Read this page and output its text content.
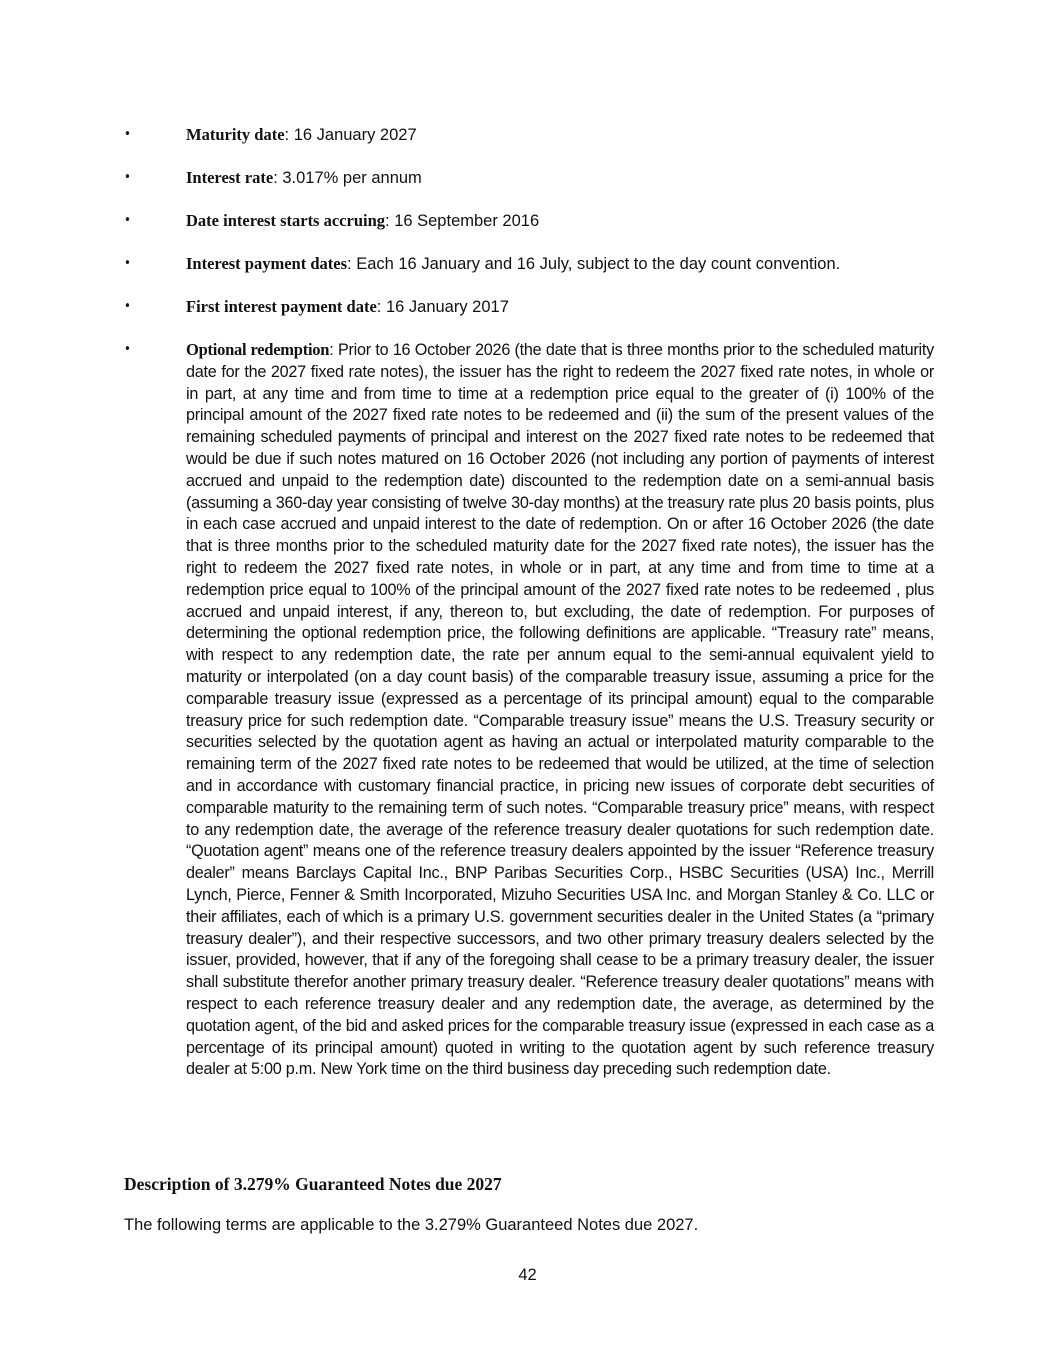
•	Maturity date: 16 January 2027
•	Interest rate: 3.017% per annum
•	Date interest starts accruing: 16 September 2016
•	Interest payment dates: Each 16 January and 16 July, subject to the day count convention.
•	First interest payment date: 16 January 2017
•	Optional redemption: Prior to 16 October 2026 (the date that is three months prior to the scheduled maturity date for the 2027 fixed rate notes), the issuer has the right to redeem the 2027 fixed rate notes, in whole or in part, at any time and from time to time at a redemption price equal to the greater of (i) 100% of the principal amount of the 2027 fixed rate notes to be redeemed and (ii) the sum of the present values of the remaining scheduled payments of principal and interest on the 2027 fixed rate notes to be redeemed that would be due if such notes matured on 16 October 2026 (not including any portion of payments of interest accrued and unpaid to the redemption date) discounted to the redemption date on a semi-annual basis (assuming a 360-day year consisting of twelve 30-day months) at the treasury rate plus 20 basis points, plus in each case accrued and unpaid interest to the date of redemption. On or after 16 October 2026 (the date that is three months prior to the scheduled maturity date for the 2027 fixed rate notes), the issuer has the right to redeem the 2027 fixed rate notes, in whole or in part, at any time and from time to time at a redemption price equal to 100% of the principal amount of the 2027 fixed rate notes to be redeemed , plus accrued and unpaid interest, if any, thereon to, but excluding, the date of redemption. For purposes of determining the optional redemption price, the following definitions are applicable. “Treasury rate” means, with respect to any redemption date, the rate per annum equal to the semi-annual equivalent yield to maturity or interpolated (on a day count basis) of the comparable treasury issue, assuming a price for the comparable treasury issue (expressed as a percentage of its principal amount) equal to the comparable treasury price for such redemption date. “Comparable treasury issue” means the U.S. Treasury security or securities selected by the quotation agent as having an actual or interpolated maturity comparable to the remaining term of the 2027 fixed rate notes to be redeemed that would be utilized, at the time of selection and in accordance with customary financial practice, in pricing new issues of corporate debt securities of comparable maturity to the remaining term of such notes. “Comparable treasury price” means, with respect to any redemption date, the average of the reference treasury dealer quotations for such redemption date. “Quotation agent” means one of the reference treasury dealers appointed by the issuer “Reference treasury dealer” means Barclays Capital Inc., BNP Paribas Securities Corp., HSBC Securities (USA) Inc., Merrill Lynch, Pierce, Fenner & Smith Incorporated, Mizuho Securities USA Inc. and Morgan Stanley & Co. LLC or their affiliates, each of which is a primary U.S. government securities dealer in the United States (a “primary treasury dealer”), and their respective successors, and two other primary treasury dealers selected by the issuer, provided, however, that if any of the foregoing shall cease to be a primary treasury dealer, the issuer shall substitute therefor another primary treasury dealer. “Reference treasury dealer quotations” means with respect to each reference treasury dealer and any redemption date, the average, as determined by the quotation agent, of the bid and asked prices for the comparable treasury issue (expressed in each case as a percentage of its principal amount) quoted in writing to the quotation agent by such reference treasury dealer at 5:00 p.m. New York time on the third business day preceding such redemption date.
Description of 3.279% Guaranteed Notes due 2027

The following terms are applicable to the 3.279% Guaranteed Notes due 2027.

42
